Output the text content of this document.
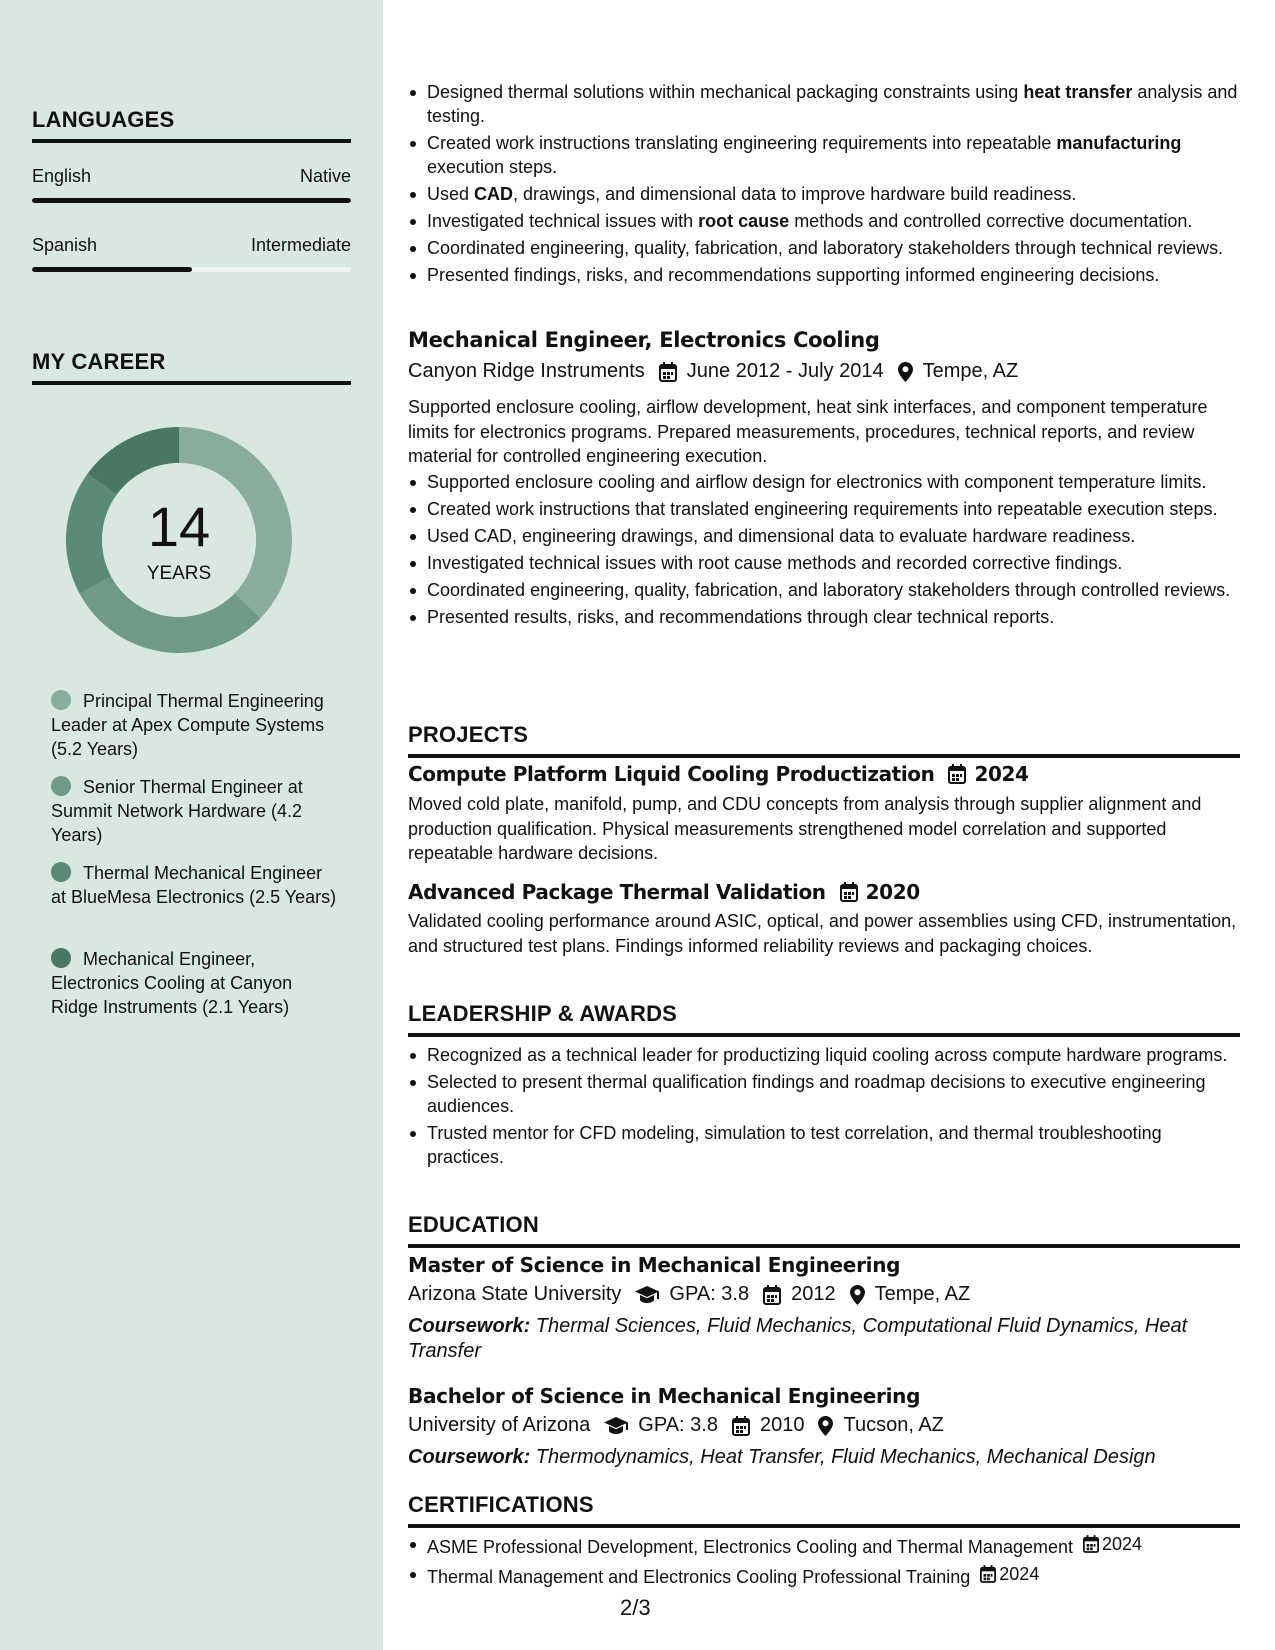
LANGUAGES
English	Native
Spanish	Intermediate
MY CAREER
14
YEARS
Principal Thermal Engineering Leader at Apex Compute Systems (5.2 Years)
Senior Thermal Engineer at Summit Network Hardware (4.2 Years)
Thermal Mechanical Engineer at BlueMesa Electronics (2.5 Years)
Mechanical Engineer, Electronics Cooling at Canyon Ridge Instruments (2.1 Years)
Designed thermal solutions within mechanical packaging constraints using heat transfer analysis and testing.
Created work instructions translating engineering requirements into repeatable manufacturing execution steps.
Used CAD, drawings, and dimensional data to improve hardware build readiness.
Investigated technical issues with root cause methods and controlled corrective documentation.
Coordinated engineering, quality, fabrication, and laboratory stakeholders through technical reviews.
Presented findings, risks, and recommendations supporting informed engineering decisions.
Mechanical Engineer, Electronics Cooling
Canyon Ridge Instruments June 2012 - July 2014 Tempe, AZ
Supported enclosure cooling, airflow development, heat sink interfaces, and component temperature limits for electronics programs. Prepared measurements, procedures, technical reports, and review material for controlled engineering execution.
Supported enclosure cooling and airflow design for electronics with component temperature limits.
Created work instructions that translated engineering requirements into repeatable execution steps.
Used CAD, engineering drawings, and dimensional data to evaluate hardware readiness.
Investigated technical issues with root cause methods and recorded corrective findings.
Coordinated engineering, quality, fabrication, and laboratory stakeholders through controlled reviews.
Presented results, risks, and recommendations through clear technical reports.
PROJECTS
Compute Platform Liquid Cooling Productization 2024
Moved cold plate, manifold, pump, and CDU concepts from analysis through supplier alignment and production qualification. Physical measurements strengthened model correlation and supported repeatable hardware decisions.
Advanced Package Thermal Validation 2020
Validated cooling performance around ASIC, optical, and power assemblies using CFD, instrumentation, and structured test plans. Findings informed reliability reviews and packaging choices.
LEADERSHIP & AWARDS
Recognized as a technical leader for productizing liquid cooling across compute hardware programs.
Selected to present thermal qualification findings and roadmap decisions to executive engineering audiences.
Trusted mentor for CFD modeling, simulation to test correlation, and thermal troubleshooting practices.
EDUCATION
Master of Science in Mechanical Engineering
Arizona State University GPA: 3.8 2012 Tempe, AZ
Coursework: Thermal Sciences, Fluid Mechanics, Computational Fluid Dynamics, Heat Transfer
Bachelor of Science in Mechanical Engineering
University of Arizona GPA: 3.8 2010 Tucson, AZ
Coursework: Thermodynamics, Heat Transfer, Fluid Mechanics, Mechanical Design
CERTIFICATIONS
ASME Professional Development, Electronics Cooling and Thermal Management 2024
Thermal Management and Electronics Cooling Professional Training 2024
2/3
